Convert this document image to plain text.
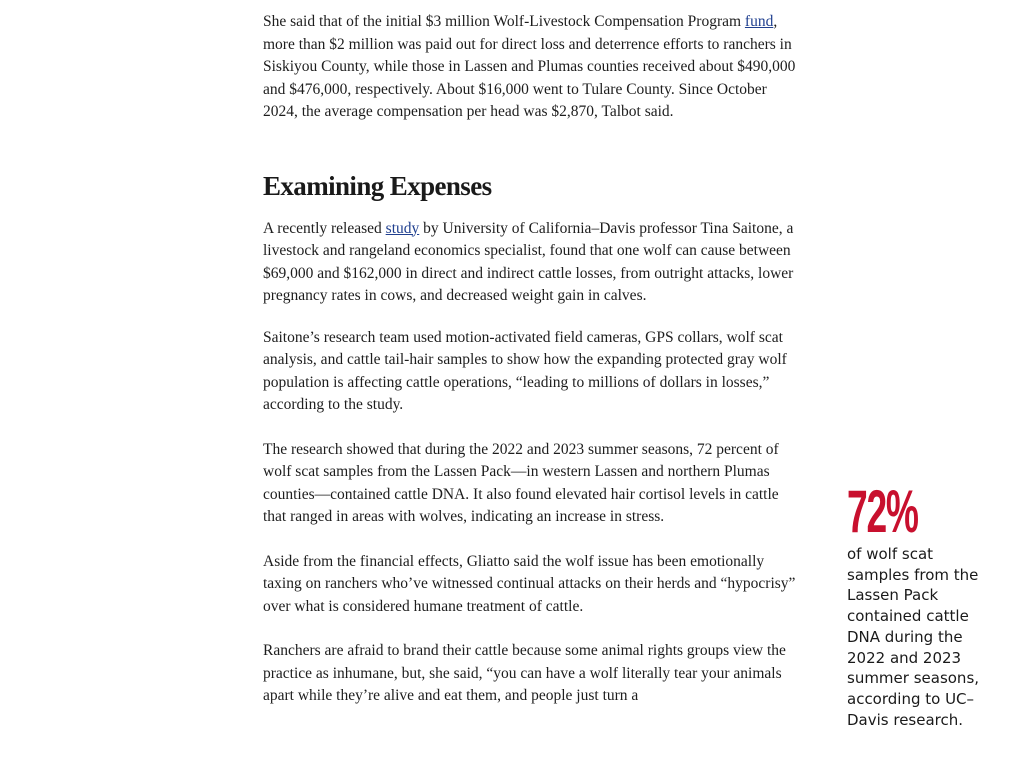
She said that of the initial $3 million Wolf-Livestock Compensation Program fund, more than $2 million was paid out for direct loss and deterrence efforts to ranchers in Siskiyou County, while those in Lassen and Plumas counties received about $490,000 and $476,000, respectively. About $16,000 went to Tulare County. Since October 2024, the average compensation per head was $2,870, Talbot said.

Examining Expenses

A recently released study by University of California–Davis professor Tina Saitone, a livestock and rangeland economics specialist, found that one wolf can cause between $69,000 and $162,000 in direct and indirect cattle losses, from outright attacks, lower pregnancy rates in cows, and decreased weight gain in calves.

Saitone’s research team used motion-activated field cameras, GPS collars, wolf scat analysis, and cattle tail-hair samples to show how the expanding protected gray wolf population is affecting cattle operations, “leading to millions of dollars in losses,” according to the study.

The research showed that during the 2022 and 2023 summer seasons, 72 percent of wolf scat samples from the Lassen Pack—in western Lassen and northern Plumas counties—contained cattle DNA. It also found elevated hair cortisol levels in cattle that ranged in areas with wolves, indicating an increase in stress.

Aside from the financial effects, Gliatto said the wolf issue has been emotionally taxing on ranchers who’ve witnessed continual attacks on their herds and “hypocrisy” over what is considered humane treatment of cattle.

Ranchers are afraid to brand their cattle because some animal rights groups view the practice as inhumane, but, she said, “you can have a wolf literally tear your animals apart while they’re alive and eat them, and people just turn a

72%
of wolf scat samples from the Lassen Pack contained cattle DNA during the 2022 and 2023 summer seasons, according to UC–Davis research.
